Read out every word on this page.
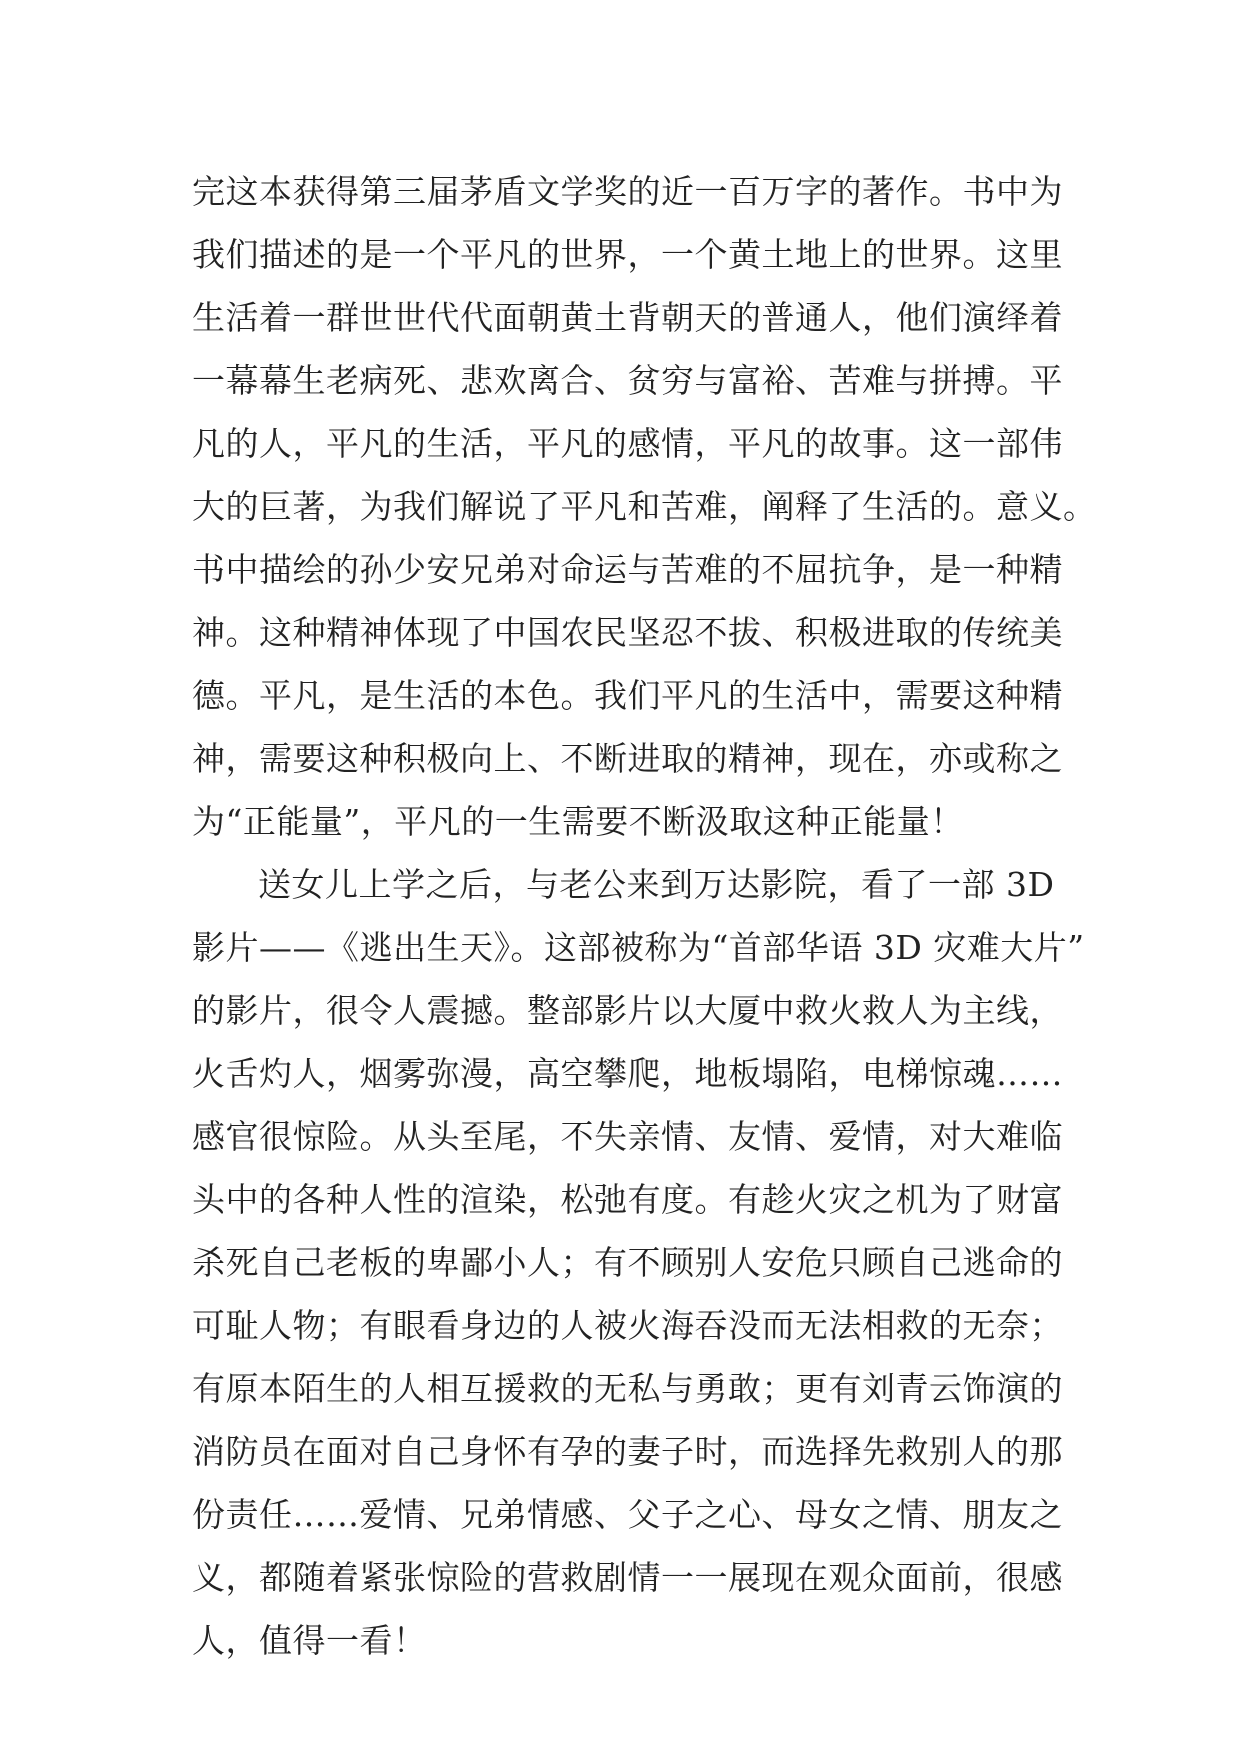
完这本获得第三届茅盾文学奖的近一百万字的著作。书中为
我们描述的是一个平凡的世界，一个黄土地上的世界。这里
生活着一群世世代代面朝黄土背朝天的普通人，他们演绎着
一幕幕生老病死、悲欢离合、贫穷与富裕、苦难与拼搏。平
凡的人，平凡的生活，平凡的感情，平凡的故事。这一部伟
大的巨著，为我们解说了平凡和苦难，阐释了生活的。意义。
书中描绘的孙少安兄弟对命运与苦难的不屈抗争，是一种精
神。这种精神体现了中国农民坚忍不拔、积极进取的传统美
德。平凡，是生活的本色。我们平凡的生活中，需要这种精
神，需要这种积极向上、不断进取的精神，现在，亦或称之
为“正能量”，平凡的一生需要不断汲取这种正能量！
送女儿上学之后，与老公来到万达影院，看了一部 3D
影片——《逃出生天》。这部被称为“首部华语 3D 灾难大片”
的影片，很令人震撼。整部影片以大厦中救火救人为主线，
火舌灼人，烟雾弥漫，高空攀爬，地板塌陷，电梯惊魂……
感官很惊险。从头至尾，不失亲情、友情、爱情，对大难临
头中的各种人性的渲染，松弛有度。有趁火灾之机为了财富
杀死自己老板的卑鄙小人；有不顾别人安危只顾自己逃命的
可耻人物；有眼看身边的人被火海吞没而无法相救的无奈；
有原本陌生的人相互援救的无私与勇敢；更有刘青云饰演的
消防员在面对自己身怀有孕的妻子时，而选择先救别人的那
份责任……爱情、兄弟情感、父子之心、母女之情、朋友之
义，都随着紧张惊险的营救剧情一一展现在观众面前，很感
人，值得一看！
